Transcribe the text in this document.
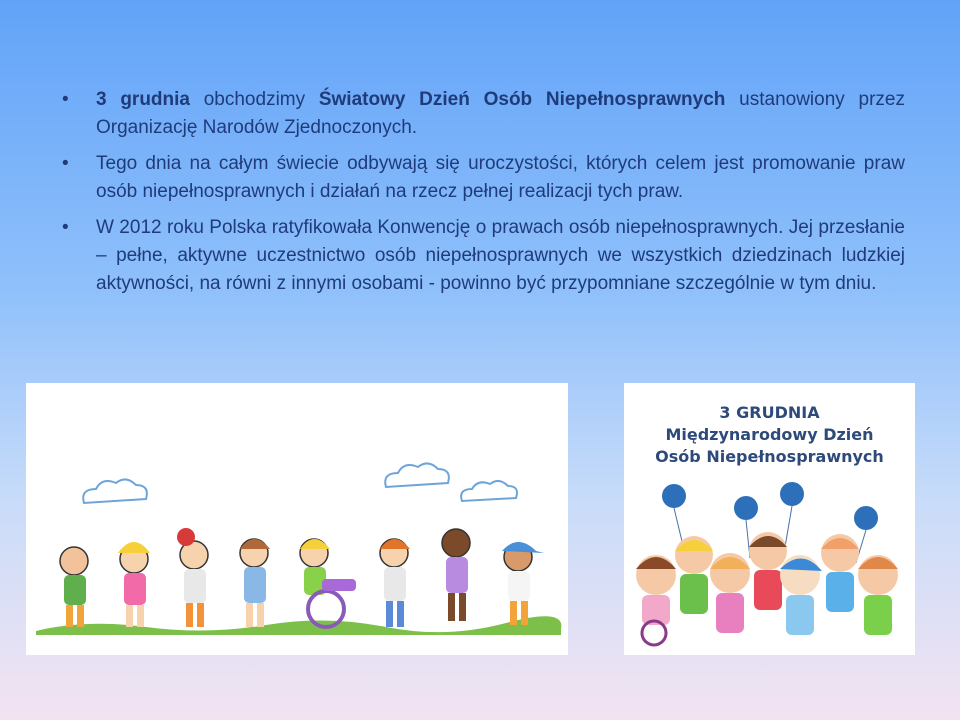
• 3 grudnia obchodzimy Światowy Dzień Osób Niepełnosprawnych ustanowiony przez Organizację Narodów Zjednoczonych.
• Tego dnia na całym świecie odbywają się uroczystości, których celem jest promowanie praw osób niepełnosprawnych i działań na rzecz pełnej realizacji tych praw.
• W 2012 roku Polska ratyfikowała Konwencję o prawach osób niepełnosprawnych. Jej przesłanie – pełne, aktywne uczestnictwo osób niepełnosprawnych we wszystkich dziedzinach ludzkiej aktywności, na równi z innymi osobami - powinno być przypomniane szczególnie w tym dniu.
3 GRUDNIA
Międzynarodowy Dzień
Osób Niepełnosprawnych
